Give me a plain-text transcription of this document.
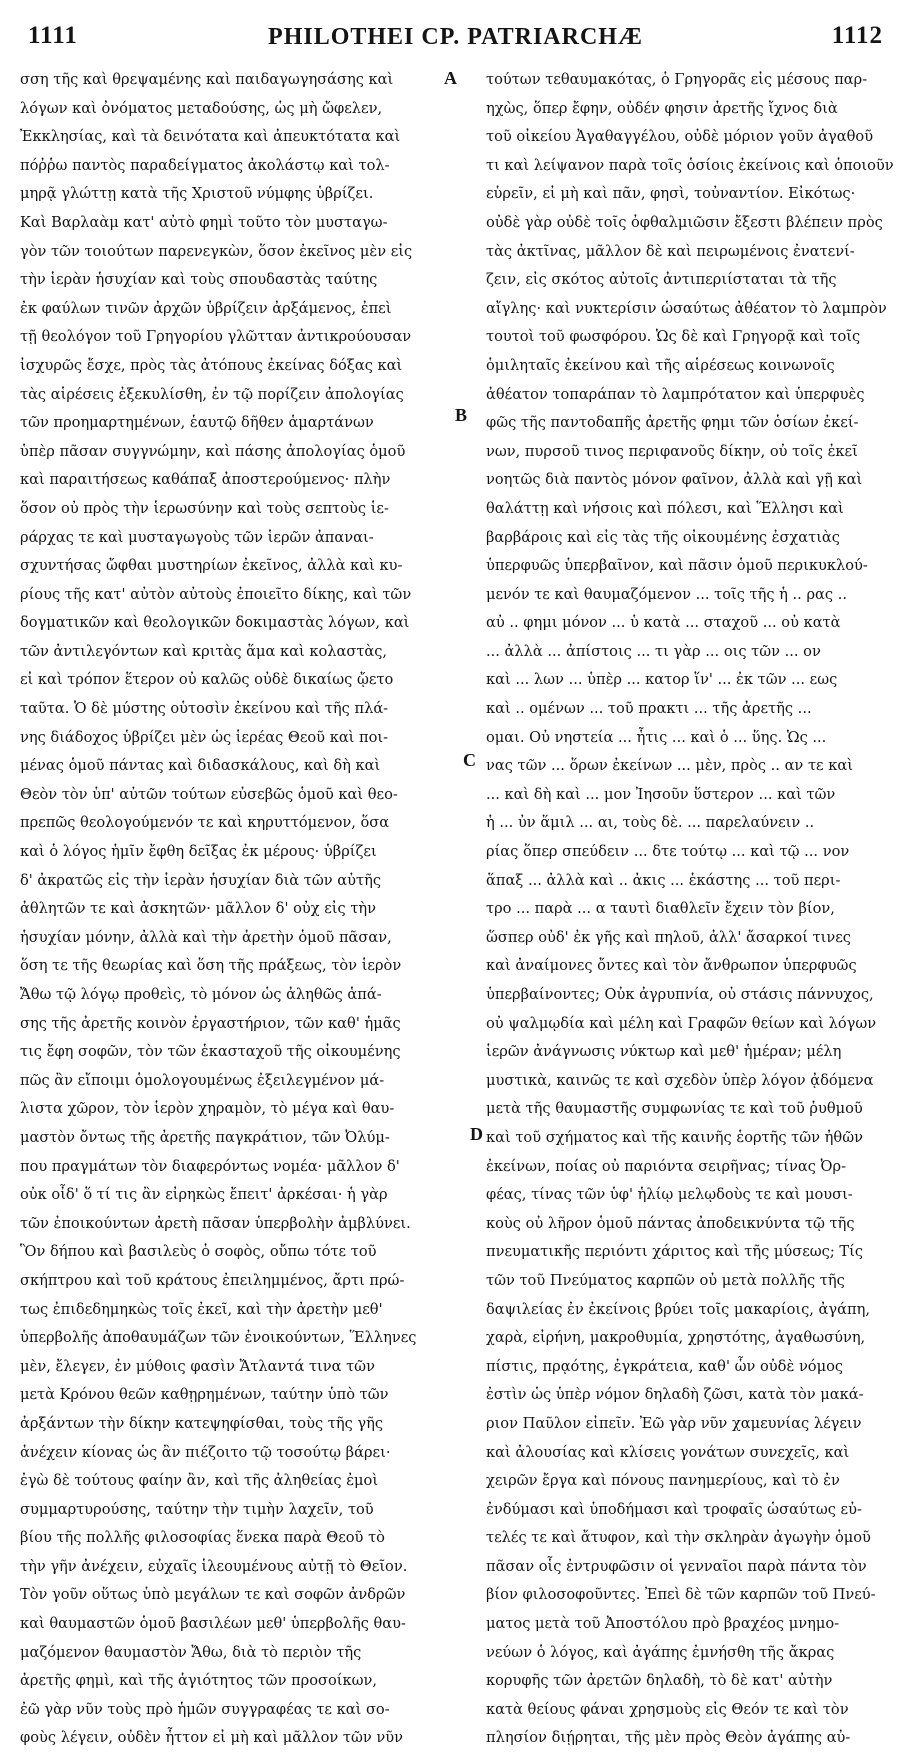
1111	PHILOTHEI CP. PATRIARCHÆ	1112
σση τῆς καὶ θρεψαμένης καὶ παιδαγωγησάσης καὶ
λόγων καὶ ὀνόματος μεταδούσης, ὡς μὴ ὤφελεν,
Ἐκκλησίας, καὶ τὰ δεινότατα καὶ ἀπευκτότατα καὶ
πόῤῥω παντὸς παραδείγματος ἀκολάστῳ καὶ τολ-
μηρᾷ γλώττῃ κατὰ τῆς Χριστοῦ νύμφης ὑβρίζει.
Καὶ Βαρλαὰμ κατ' αὐτὸ φημὶ τοῦτο τὸν μυσταγω-
γὸν τῶν τοιούτων παρενεγκὼν, ὅσον ἐκεῖνος μὲν εἰς
τὴν ἱερὰν ἡσυχίαν καὶ τοὺς σπουδαστὰς ταύτης
ἐκ φαύλων τινῶν ἀρχῶν ὑβρίζειν ἀρξάμενος, ἐπεὶ
τῇ θεολόγον τοῦ Γρηγορίου γλῶτταν ἀντικρούουσαν
ἰσχυρῶς ἔσχε, πρὸς τὰς ἀτόπους ἐκείνας δόξας καὶ
τὰς αἱρέσεις ἐξεκυλίσθη, ἐν τῷ πορίζειν ἀπολογίας
τῶν προημαρτημένων, ἑαυτῷ δῆθεν ἁμαρτάνων
ὑπὲρ πᾶσαν συγγνώμην, καὶ πάσης ἀπολογίας ὁμοῦ
καὶ παραιτήσεως καθάπαξ ἀποστερούμενος· πλὴν
ὅσον οὐ πρὸς τὴν ἱερωσύνην καὶ τοὺς σεπτοὺς ἱε-
ράρχας τε καὶ μυσταγωγοὺς τῶν ἱερῶν ἀπαναι-
σχυντήσας ὤφθαι μυστηρίων ἐκεῖνος, ἀλλὰ καὶ κυ-
ρίους τῆς κατ' αὐτὸν αὐτοὺς ἐποιεῖτο δίκης, καὶ τῶν
δογματικῶν καὶ θεολογικῶν δοκιμαστὰς λόγων, καὶ
τῶν ἀντιλεγόντων καὶ κριτὰς ἅμα καὶ κολαστὰς,
εἰ καὶ τρόπον ἕτερον οὐ καλῶς οὐδὲ δικαίως ᾤετο
ταῦτα. Ὁ δὲ μύστης οὑτοσὶν ἐκείνου καὶ τῆς πλά-
νης διάδοχος ὑβρίζει μὲν ὡς ἱερέας Θεοῦ καὶ ποι-
μένας ὁμοῦ πάντας καὶ διδασκάλους, καὶ δὴ καὶ
Θεὸν τὸν ὑπ' αὐτῶν τούτων εὐσεβῶς ὁμοῦ καὶ θεο-
πρεπῶς θεολογούμενόν τε καὶ κηρυττόμενον, ὅσα
καὶ ὁ λόγος ἡμῖν ἔφθη δεῖξας ἐκ μέρους· ὑβρίζει
δ' ἀκρατῶς εἰς τὴν ἱερὰν ἡσυχίαν διὰ τῶν αὐτῆς
ἀθλητῶν τε καὶ ἀσκητῶν· μᾶλλον δ' οὐχ εἰς τὴν
ἡσυχίαν μόνην, ἀλλὰ καὶ τὴν ἀρετὴν ὁμοῦ πᾶσαν,
ὅση τε τῆς θεωρίας καὶ ὅση τῆς πράξεως, τὸν ἱερὸν
Ἄθω τῷ λόγῳ προθεὶς, τὸ μόνον ὡς ἀληθῶς ἁπά-
σης τῆς ἀρετῆς κοινὸν ἐργαστήριον, τῶν καθ' ἡμᾶς
τις ἔφη σοφῶν, τὸν τῶν ἑκασταχοῦ τῆς οἰκουμένης
πῶς ἂν εἴποιμι ὁμολογουμένως ἐξειλεγμένον μά-
λιστα χῶρον, τὸν ἱερὸν χηραμὸν, τὸ μέγα καὶ θαυ-
μαστὸν ὄντως τῆς ἀρετῆς παγκράτιον, τῶν Ὀλύμ-
που πραγμάτων τὸν διαφερόντως νομέα· μᾶλλον δ'
οὐκ οἶδ' ὅ τί τις ἂν εἰρηκὼς ἔπειτ' ἀρκέσαι· ἡ γὰρ
τῶν ἐποικούντων ἀρετὴ πᾶσαν ὑπερβολὴν ἀμβλύνει.
Ὃν δήπου καὶ βασιλεὺς ὁ σοφὸς, οὔπω τότε τοῦ
σκήπτρου καὶ τοῦ κράτους ἐπειλημμένος, ἄρτι πρώ-
τως ἐπιδεδημηκὼς τοῖς ἐκεῖ, καὶ τὴν ἀρετὴν μεθ'
ὑπερβολῆς ἀποθαυμάζων τῶν ἐνοικούντων, Ἕλληνες
μὲν, ἔλεγεν, ἐν μύθοις φασὶν Ἄτλαντά τινα τῶν
μετὰ Κρόνου θεῶν καθῃρημένων, ταύτην ὑπὸ τῶν
ἀρξάντων τὴν δίκην κατεψηφίσθαι, τοὺς τῆς γῆς
ἀνέχειν κίονας ὡς ἂν πιέζοιτο τῷ τοσούτῳ βάρει·
ἐγὼ δὲ τούτους φαίην ἂν, καὶ τῆς ἀληθείας ἐμοὶ
συμμαρτυρούσης, ταύτην τὴν τιμὴν λαχεῖν, τοῦ
βίου τῆς πολλῆς φιλοσοφίας ἕνεκα παρὰ Θεοῦ τὸ
τὴν γῆν ἀνέχειν, εὐχαῖς ἱλεουμένους αὐτῇ τὸ Θεῖον.
Τὸν γοῦν οὕτως ὑπὸ μεγάλων τε καὶ σοφῶν ἀνδρῶν
καὶ θαυμαστῶν ὁμοῦ βασιλέων μεθ' ὑπερβολῆς θαυ-
μαζόμενον θαυμαστὸν Ἄθω, διὰ τὸ περιὸν τῆς
ἀρετῆς φημὶ, καὶ τῆς ἁγιότητος τῶν προσοίκων,
ἐῶ γὰρ νῦν τοὺς πρὸ ἡμῶν συγγραφέας τε καὶ σο-
φοὺς λέγειν, οὐδὲν ἧττον εἰ μὴ καὶ μᾶλλον τῶν νῦν
τούτων τεθαυμακότας, ὁ Γρηγορᾶς εἰς μέσους παρ-
ηχὼς, ὅπερ ἔφην, οὐδέν φησιν ἀρετῆς ἴχνος διὰ
τοῦ οἰκείου Ἀγαθαγγέλου, οὐδὲ μόριον γοῦν ἀγαθοῦ
τι καὶ λείψανον παρὰ τοῖς ὁσίοις ἐκείνοις καὶ ὁποιοῦν
εὑρεῖν, εἰ μὴ καὶ πᾶν, φησὶ, τοὐναντίον. Εἰκότως·
οὐδὲ γὰρ οὐδὲ τοῖς ὀφθαλμιῶσιν ἔξεστι βλέπειν πρὸς
τὰς ἀκτῖνας, μᾶλλον δὲ καὶ πειρωμένοις ἐνατενί-
ζειν, εἰς σκότος αὐτοῖς ἀντιπεριίσταται τὰ τῆς
αἴγλης· καὶ νυκτερίσιν ὡσαύτως ἀθέατον τὸ λαμπρὸν
τουτοὶ τοῦ φωσφόρου. Ὡς δὲ καὶ Γρηγορᾷ καὶ τοῖς
ὁμιληταῖς ἐκείνου καὶ τῆς αἱρέσεως κοινωνοῖς
ἀθέατον τοπαράπαν τὸ λαμπρότατον καὶ ὑπερφυὲς
φῶς τῆς παντοδαπῆς ἀρετῆς φημι τῶν ὁσίων ἐκεί-
νων, πυρσοῦ τινος περιφανοῦς δίκην, οὐ τοῖς ἐκεῖ
νοητῶς διὰ παντὸς μόνον φαῖνον, ἀλλὰ καὶ γῇ καὶ
θαλάττῃ καὶ νήσοις καὶ πόλεσι, καὶ Ἕλλησι καὶ
βαρβάροις καὶ εἰς τὰς τῆς οἰκουμένης ἐσχατιὰς
ὑπερφυῶς ὑπερβαῖνον, καὶ πᾶσιν ὁμοῦ περικυκλού-
μενόν τε καὶ θαυμαζόμενον ... τοῖς τῆς ἡ .. ρας ..
αὐ .. φημι μόνον ... ὑ κατὰ ... σταχοῦ ... οὐ κατὰ
... ἀλλὰ ... ἀπίστοις ... τι γὰρ ... οις τῶν ... ον
καὶ ... λων ... ὑπὲρ ... κατορ ἵν' ... ἐκ τῶν ... εως
καὶ .. ομένων ... τοῦ πρακτι ... τῆς ἀρετῆς ...
ομαι. Οὐ νηστεία ... ἧτις ... καὶ ὁ ... ὕης. Ὡς ...
νας τῶν ... ὅρων ἐκείνων ... μὲν, πρὸς .. αν τε καὶ
... καὶ δὴ καὶ ... μον Ἰησοῦν ὕστερον ... καὶ τῶν
ἡ ... ὐν ἅμιλ ... αι, τοὺς δὲ. ... παρελαύνειν ..
ρίας ὅπερ σπεύδειν ... δτε τούτῳ ... καὶ τῷ ... νον
ἅπαξ ... ἀλλὰ καὶ .. ἀκις ... ἑκάστης ... τοῦ περι-
τρο ... παρὰ ... α ταυτὶ διαθλεῖν ἔχειν τὸν βίον,
ὥσπερ οὐδ' ἐκ γῆς καὶ πηλοῦ, ἀλλ' ἄσαρκοί τινες
καὶ ἀναίμονες ὄντες καὶ τὸν ἄνθρωπον ὑπερφυῶς
ὑπερβαίνοντες; Οὐκ ἀγρυπνία, οὐ στάσις πάννυχος,
οὐ ψαλμῳδία καὶ μέλη καὶ Γραφῶν θείων καὶ λόγων
ἱερῶν ἀνάγνωσις νύκτωρ καὶ μεθ' ἡμέραν; μέλη
μυστικὰ, καινῶς τε καὶ σχεδὸν ὑπὲρ λόγον ᾀδόμενα
μετὰ τῆς θαυμαστῆς συμφωνίας τε καὶ τοῦ ῥυθμοῦ
καὶ τοῦ σχήματος καὶ τῆς καινῆς ἑορτῆς τῶν ἠθῶν
ἐκείνων, ποίας οὐ παριόντα σειρῆνας; τίνας Ὀρ-
φέας, τίνας τῶν ὑφ' ἡλίῳ μελῳδοὺς τε καὶ μουσι-
κοὺς οὐ λῆρον ὁμοῦ πάντας ἀποδεικνύντα τῷ τῆς
πνευματικῆς περιόντι χάριτος καὶ τῆς μύσεως; Τίς
τῶν τοῦ Πνεύματος καρπῶν οὐ μετὰ πολλῆς τῆς
δαψιλείας ἐν ἐκείνοις βρύει τοῖς μακαρίοις, ἀγάπη,
χαρὰ, εἰρήνη, μακροθυμία, χρηστότης, ἀγαθωσύνη,
πίστις, πρᾳότης, ἐγκράτεια, καθ' ὧν οὐδὲ νόμος
ἐστὶν ὡς ὑπὲρ νόμον δηλαδὴ ζῶσι, κατὰ τὸν μακά-
ριον Παῦλον εἰπεῖν. Ἐῶ γὰρ νῦν χαμευνίας λέγειν
καὶ ἀλουσίας καὶ κλίσεις γονάτων συνεχεῖς, καὶ
χειρῶν ἔργα καὶ πόνους πανημερίους, καὶ τὸ ἐν
ἐνδύμασι καὶ ὑποδήμασι καὶ τροφαῖς ὡσαύτως εὐ-
τελές τε καὶ ἄτυφον, καὶ τὴν σκληρὰν ἀγωγὴν ὁμοῦ
πᾶσαν οἷς ἐντρυφῶσιν οἱ γενναῖοι παρὰ πάντα τὸν
βίον φιλοσοφοῦντες. Ἐπεὶ δὲ τῶν καρπῶν τοῦ Πνεύ-
ματος μετὰ τοῦ Ἀποστόλου πρὸ βραχέος μνημο-
νεύων ὁ λόγος, καὶ ἀγάπης ἐμνήσθη τῆς ἄκρας
κορυφῆς τῶν ἀρετῶν δηλαδὴ, τὸ δὲ κατ' αὐτὴν
κατὰ θείους φάναι χρησμοὺς εἰς Θεόν τε καὶ τὸν
πλησίον διῄρηται, τῆς μὲν πρὸς Θεὸν ἀγάπης αὐ-
A
B
C
D
